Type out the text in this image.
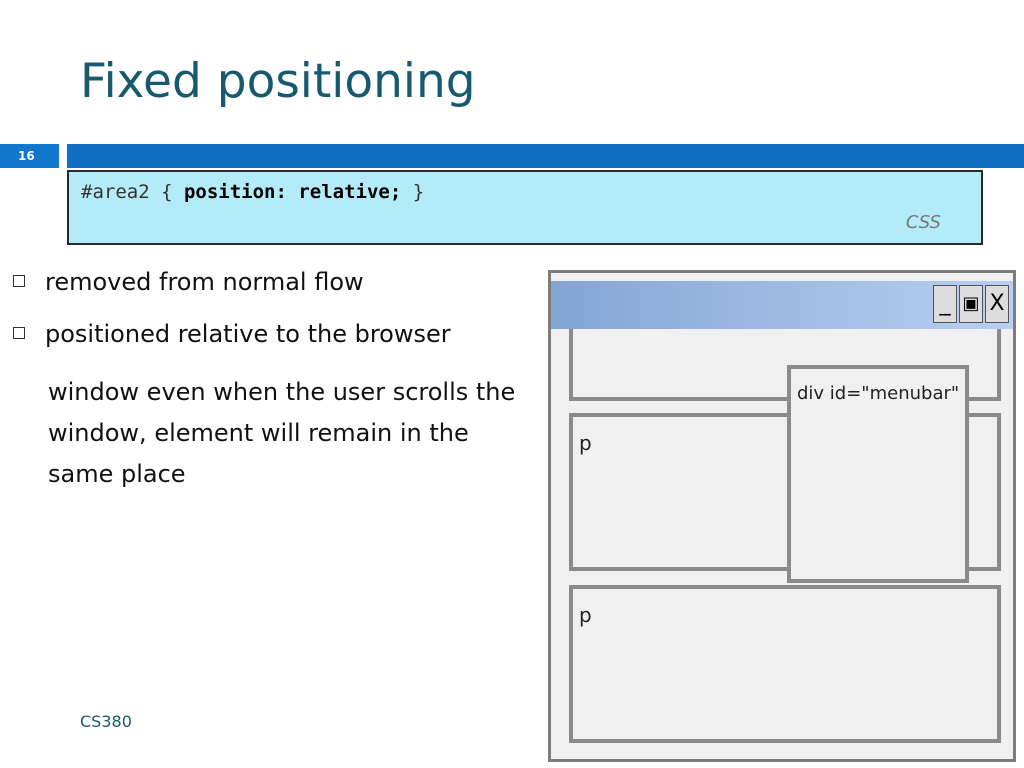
Fixed positioning
16
#area2 { position: relative; }
CSS
removed from normal flow
positioned relative to the browser
window even when the user scrolls the window, element will remain in the same place
_ ▣ X
p
p
div id="menubar"
CS380
